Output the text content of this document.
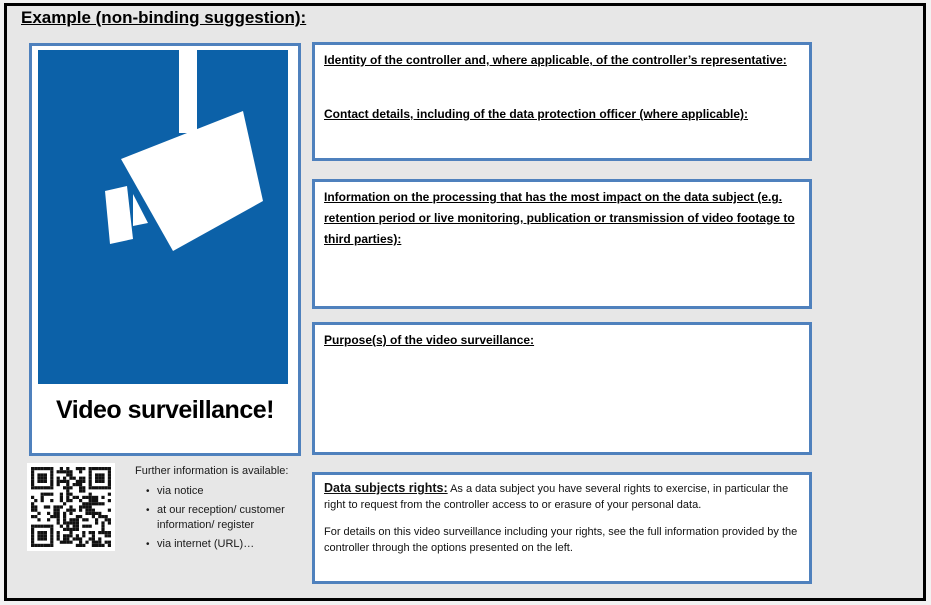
Example (non-binding suggestion):
Video surveillance!

Further information is available:

• via notice
• at our reception/ customer information/ register
• via internet (URL)…

Identity of the controller and, where applicable, of the controller’s representative:

Contact details, including of the data protection officer (where applicable):

Information on the processing that has the most impact on the data subject (e.g. retention period or live monitoring, publication or transmission of video footage to third parties):

Purpose(s) of the video surveillance:

Data subjects rights: As a data subject you have several rights to exercise, in particular the right to request from the controller access to or erasure of your personal data.

For details on this video surveillance including your rights, see the full information provided by the controller through the options presented on the left.
